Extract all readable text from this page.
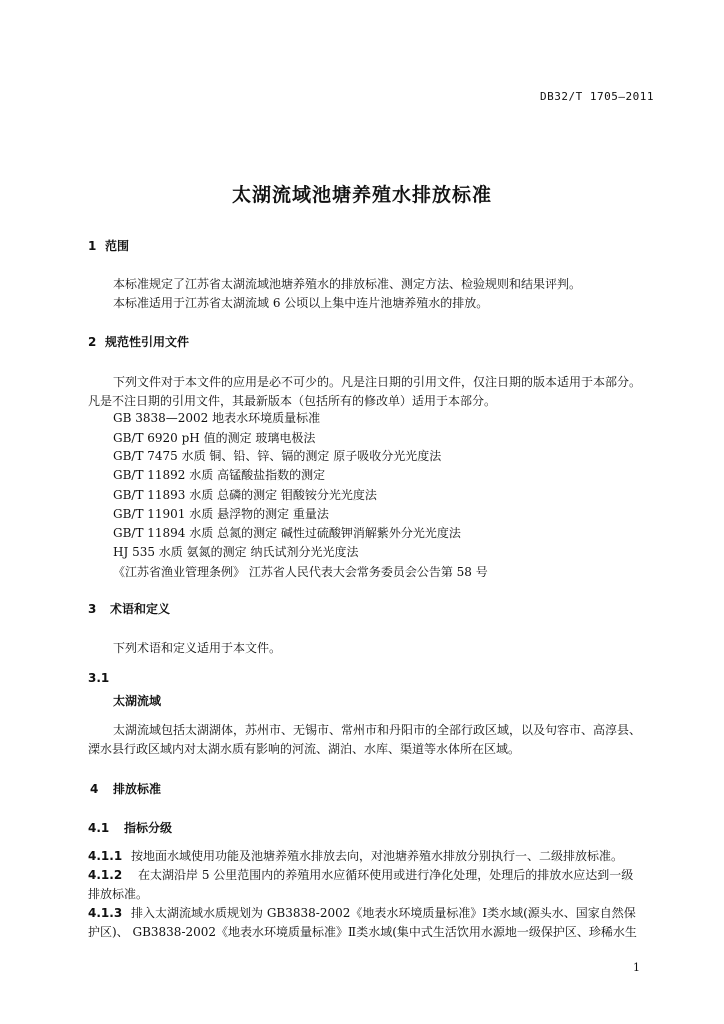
DB32/T 1705—2011
太湖流域池塘养殖水排放标准
1 范围
本标准规定了江苏省太湖流域池塘养殖水的排放标准、测定方法、检验规则和结果评判。
本标准适用于江苏省太湖流域 6 公顷以上集中连片池塘养殖水的排放。
2 规范性引用文件
下列文件对于本文件的应用是必不可少的。凡是注日期的引用文件，仅注日期的版本适用于本部分。
凡是不注日期的引用文件，其最新版本（包括所有的修改单）适用于本部分。
GB 3838—2002 地表水环境质量标准
GB/T 6920 pH 值的测定 玻璃电极法
GB/T 7475 水质 铜、铅、锌、镉的测定 原子吸收分光光度法
GB/T 11892 水质 高锰酸盐指数的测定
GB/T 11893 水质 总磷的测定 钼酸铵分光光度法
GB/T 11901 水质 悬浮物的测定 重量法
GB/T 11894 水质 总氮的测定 碱性过硫酸钾消解紫外分光光度法
HJ 535 水质 氨氮的测定 纳氏试剂分光光度法
《江苏省渔业管理条例》 江苏省人民代表大会常务委员会公告第 58 号
3 术语和定义
下列术语和定义适用于本文件。
3.1
太湖流域
太湖流域包括太湖湖体，苏州市、无锡市、常州市和丹阳市的全部行政区域，以及句容市、高淳县、
溧水县行政区域内对太湖水质有影响的河流、湖泊、水库、渠道等水体所在区域。
4 排放标准
4.1 指标分级
4.1.1 按地面水域使用功能及池塘养殖水排放去向，对池塘养殖水排放分别执行一、二级排放标准。
4.1.2 在太湖沿岸 5 公里范围内的养殖用水应循环使用或进行净化处理，处理后的排放水应达到一级
排放标准。
4.1.3 排入太湖流域水质规划为 GB3838-2002《地表水环境质量标准》Ⅰ类水域(源头水、国家自然保
护区)、 GB3838-2002《地表水环境质量标准》Ⅱ类水域(集中式生活饮用水源地一级保护区、珍稀水生
1
